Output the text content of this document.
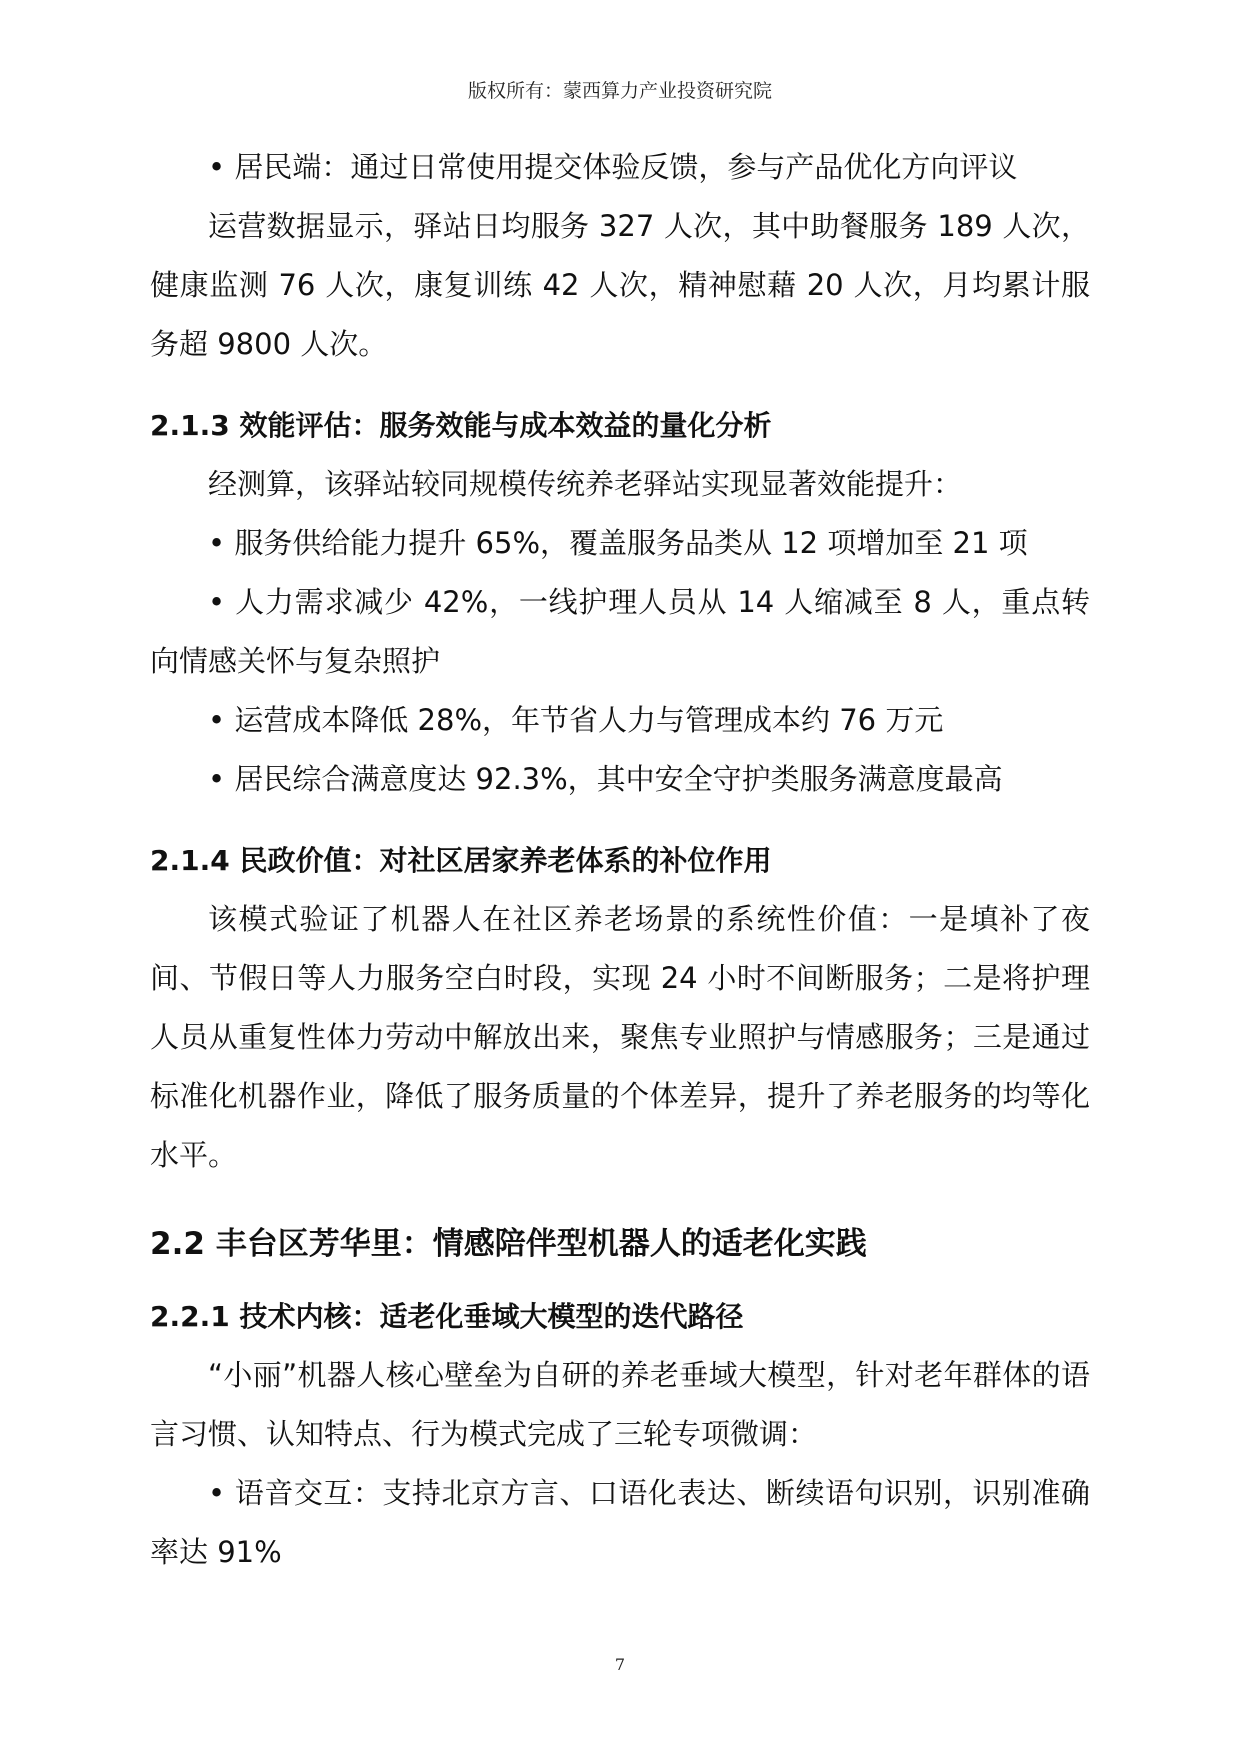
版权所有：蒙西算力产业投资研究院

• 居民端：通过日常使用提交体验反馈，参与产品优化方向评议

运营数据显示，驿站日均服务 327 人次，其中助餐服务 189 人次，健康监测 76 人次，康复训练 42 人次，精神慰藉 20 人次，月均累计服务超 9800 人次。

2.1.3 效能评估：服务效能与成本效益的量化分析

经测算，该驿站较同规模传统养老驿站实现显著效能提升：

• 服务供给能力提升 65%，覆盖服务品类从 12 项增加至 21 项

• 人力需求减少 42%，一线护理人员从 14 人缩减至 8 人，重点转向情感关怀与复杂照护

• 运营成本降低 28%，年节省人力与管理成本约 76 万元

• 居民综合满意度达 92.3%，其中安全守护类服务满意度最高

2.1.4 民政价值：对社区居家养老体系的补位作用

该模式验证了机器人在社区养老场景的系统性价值：一是填补了夜间、节假日等人力服务空白时段，实现 24 小时不间断服务；二是将护理人员从重复性体力劳动中解放出来，聚焦专业照护与情感服务；三是通过标准化机器作业，降低了服务质量的个体差异，提升了养老服务的均等化水平。

2.2 丰台区芳华里：情感陪伴型机器人的适老化实践

2.2.1 技术内核：适老化垂域大模型的迭代路径

“小丽”机器人核心壁垒为自研的养老垂域大模型，针对老年群体的语言习惯、认知特点、行为模式完成了三轮专项微调：

• 语音交互：支持北京方言、口语化表达、断续语句识别，识别准确率达 91%

7
